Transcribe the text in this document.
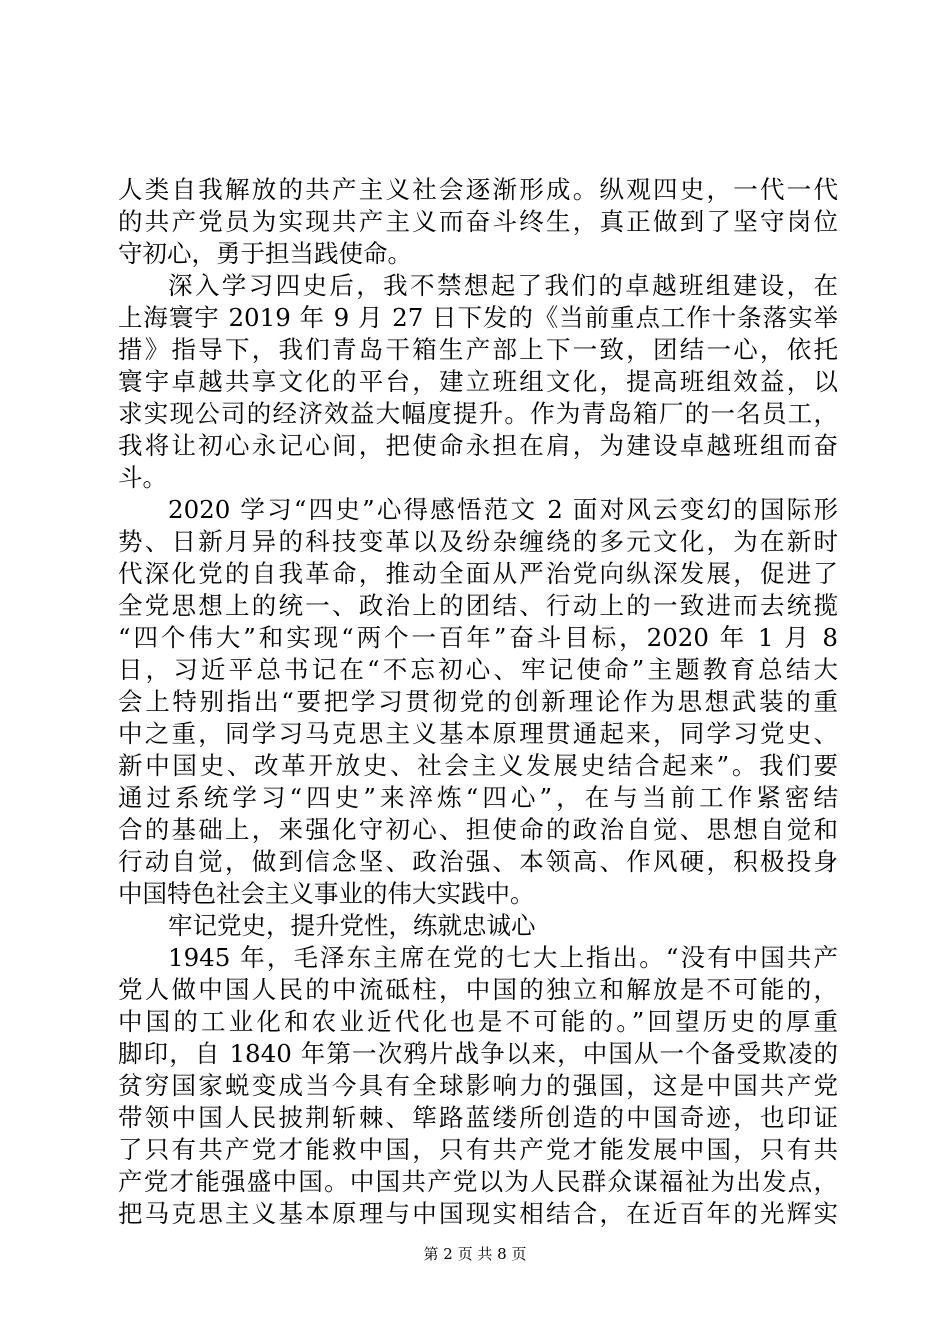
人类自我解放的共产主义社会逐渐形成。纵观四史，一代一代
的共产党员为实现共产主义而奋斗终生，真正做到了坚守岗位
守初心，勇于担当践使命。
深入学习四史后，我不禁想起了我们的卓越班组建设，在
上海寰宇 2019 年 9 月 27 日下发的《当前重点工作十条落实举
措》指导下，我们青岛干箱生产部上下一致，团结一心，依托
寰宇卓越共享文化的平台，建立班组文化，提高班组效益，以
求实现公司的经济效益大幅度提升。作为青岛箱厂的一名员工，
我将让初心永记心间，把使命永担在肩，为建设卓越班组而奋
斗。
2020 学习“四史”心得感悟范文 2 面对风云变幻的国际形
势、日新月异的科技变革以及纷杂缠绕的多元文化，为在新时
代深化党的自我革命，推动全面从严治党向纵深发展，促进了
全党思想上的统一、政治上的团结、行动上的一致进而去统揽
“四个伟大”和实现“两个一百年”奋斗目标，2020 年 1 月 8
日，习近平总书记在“不忘初心、牢记使命”主题教育总结大
会上特别指出“要把学习贯彻党的创新理论作为思想武装的重
中之重，同学习马克思主义基本原理贯通起来，同学习党史、
新中国史、改革开放史、社会主义发展史结合起来”。我们要
通过系统学习“四史”来淬炼“四心”，在与当前工作紧密结
合的基础上，来强化守初心、担使命的政治自觉、思想自觉和
行动自觉，做到信念坚、政治强、本领高、作风硬，积极投身
中国特色社会主义事业的伟大实践中。
牢记党史，提升党性，练就忠诚心
1945 年，毛泽东主席在党的七大上指出。“没有中国共产
党人做中国人民的中流砥柱，中国的独立和解放是不可能的，
中国的工业化和农业近代化也是不可能的。”回望历史的厚重
脚印，自 1840 年第一次鸦片战争以来，中国从一个备受欺凌的
贫穷国家蜕变成当今具有全球影响力的强国，这是中国共产党
带领中国人民披荆斩棘、筚路蓝缕所创造的中国奇迹，也印证
了只有共产党才能救中国，只有共产党才能发展中国，只有共
产党才能强盛中国。中国共产党以为人民群众谋福祉为出发点，
把马克思主义基本原理与中国现实相结合，在近百年的光辉实
第 2 页 共 8 页
